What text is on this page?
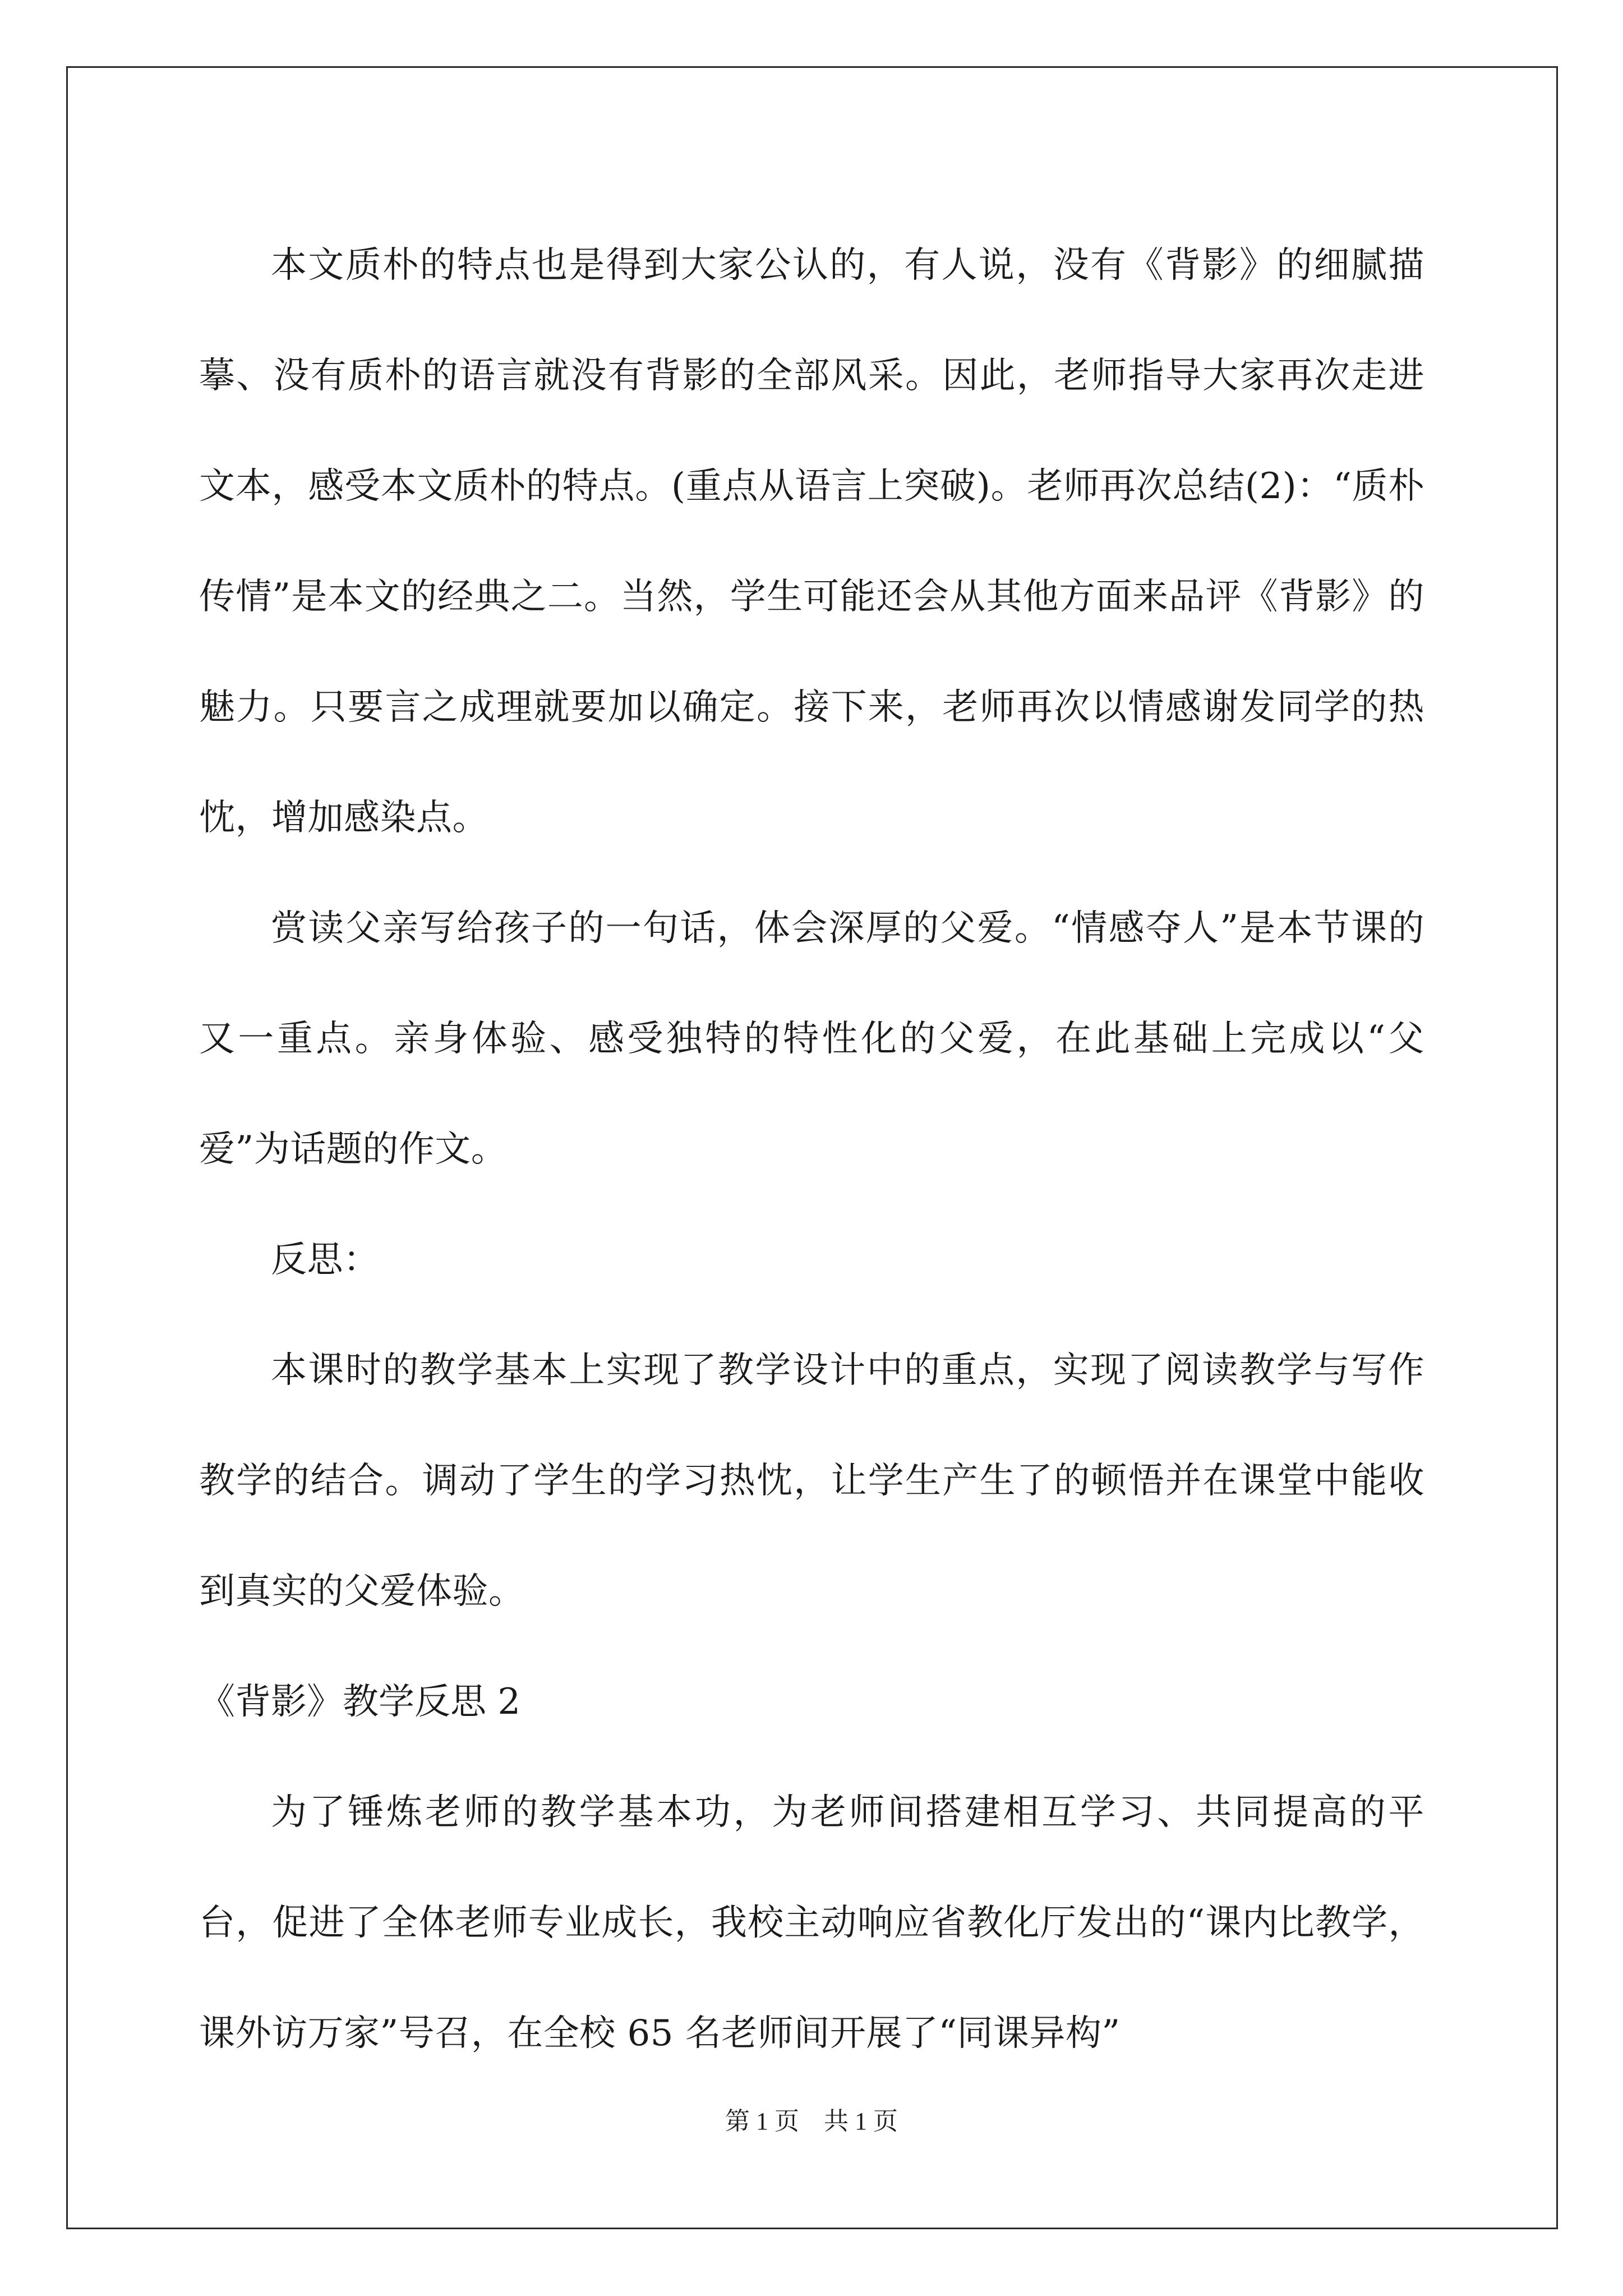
本文质朴的特点也是得到大家公认的，有人说，没有《背影》的细腻描摹、没有质朴的语言就没有背影的全部风采。因此，老师指导大家再次走进文本，感受本文质朴的特点。(重点从语言上突破)。老师再次总结(2)：“质朴传情”是本文的经典之二。当然，学生可能还会从其他方面来品评《背影》的魅力。只要言之成理就要加以确定。接下来，老师再次以情感谢发同学的热忱，增加感染点。

赏读父亲写给孩子的一句话，体会深厚的父爱。“情感夺人”是本节课的又一重点。亲身体验、感受独特的特性化的父爱，在此基础上完成以“父爱”为话题的作文。

反思：

本课时的教学基本上实现了教学设计中的重点，实现了阅读教学与写作教学的结合。调动了学生的学习热忱，让学生产生了的顿悟并在课堂中能收到真实的父爱体验。

《背影》教学反思 2

为了锤炼老师的教学基本功，为老师间搭建相互学习、共同提高的平台，促进了全体老师专业成长，我校主动响应省教化厅发出的“课内比教学，课外访万家”号召，在全校 65 名老师间开展了“同课异构”

第 1 页    共 1 页
